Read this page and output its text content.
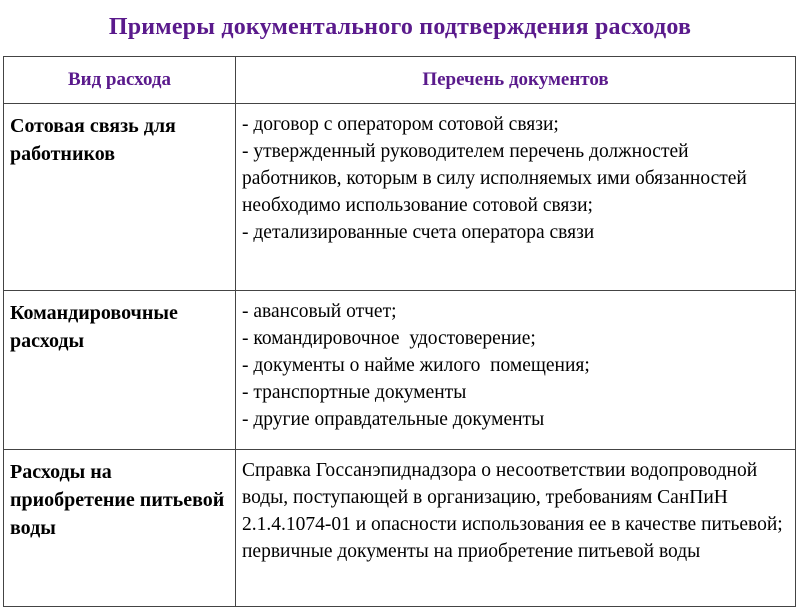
Примеры документального подтверждения расходов
Вид расхода	Перечень документов
Сотовая связь для работников	- договор с оператором сотовой связи;
- утвержденный руководителем перечень должностей работников, которым в силу исполняемых ими обязанностей необходимо использование сотовой связи;
- детализированные счета оператора связи

Командировочные расходы	- авансовый отчет;
- командировочное  удостоверение;
- документы о найме жилого  помещения;
- транспортные документы
- другие оправдательные документы

Расходы на приобретение питьевой воды	Справка Госсанэпиднадзора о несоответствии водопроводной воды, поступающей в организацию, требованиям СанПиН 2.1.4.1074-01 и опасности использования ее в качестве питьевой; первичные документы на приобретение питьевой воды
